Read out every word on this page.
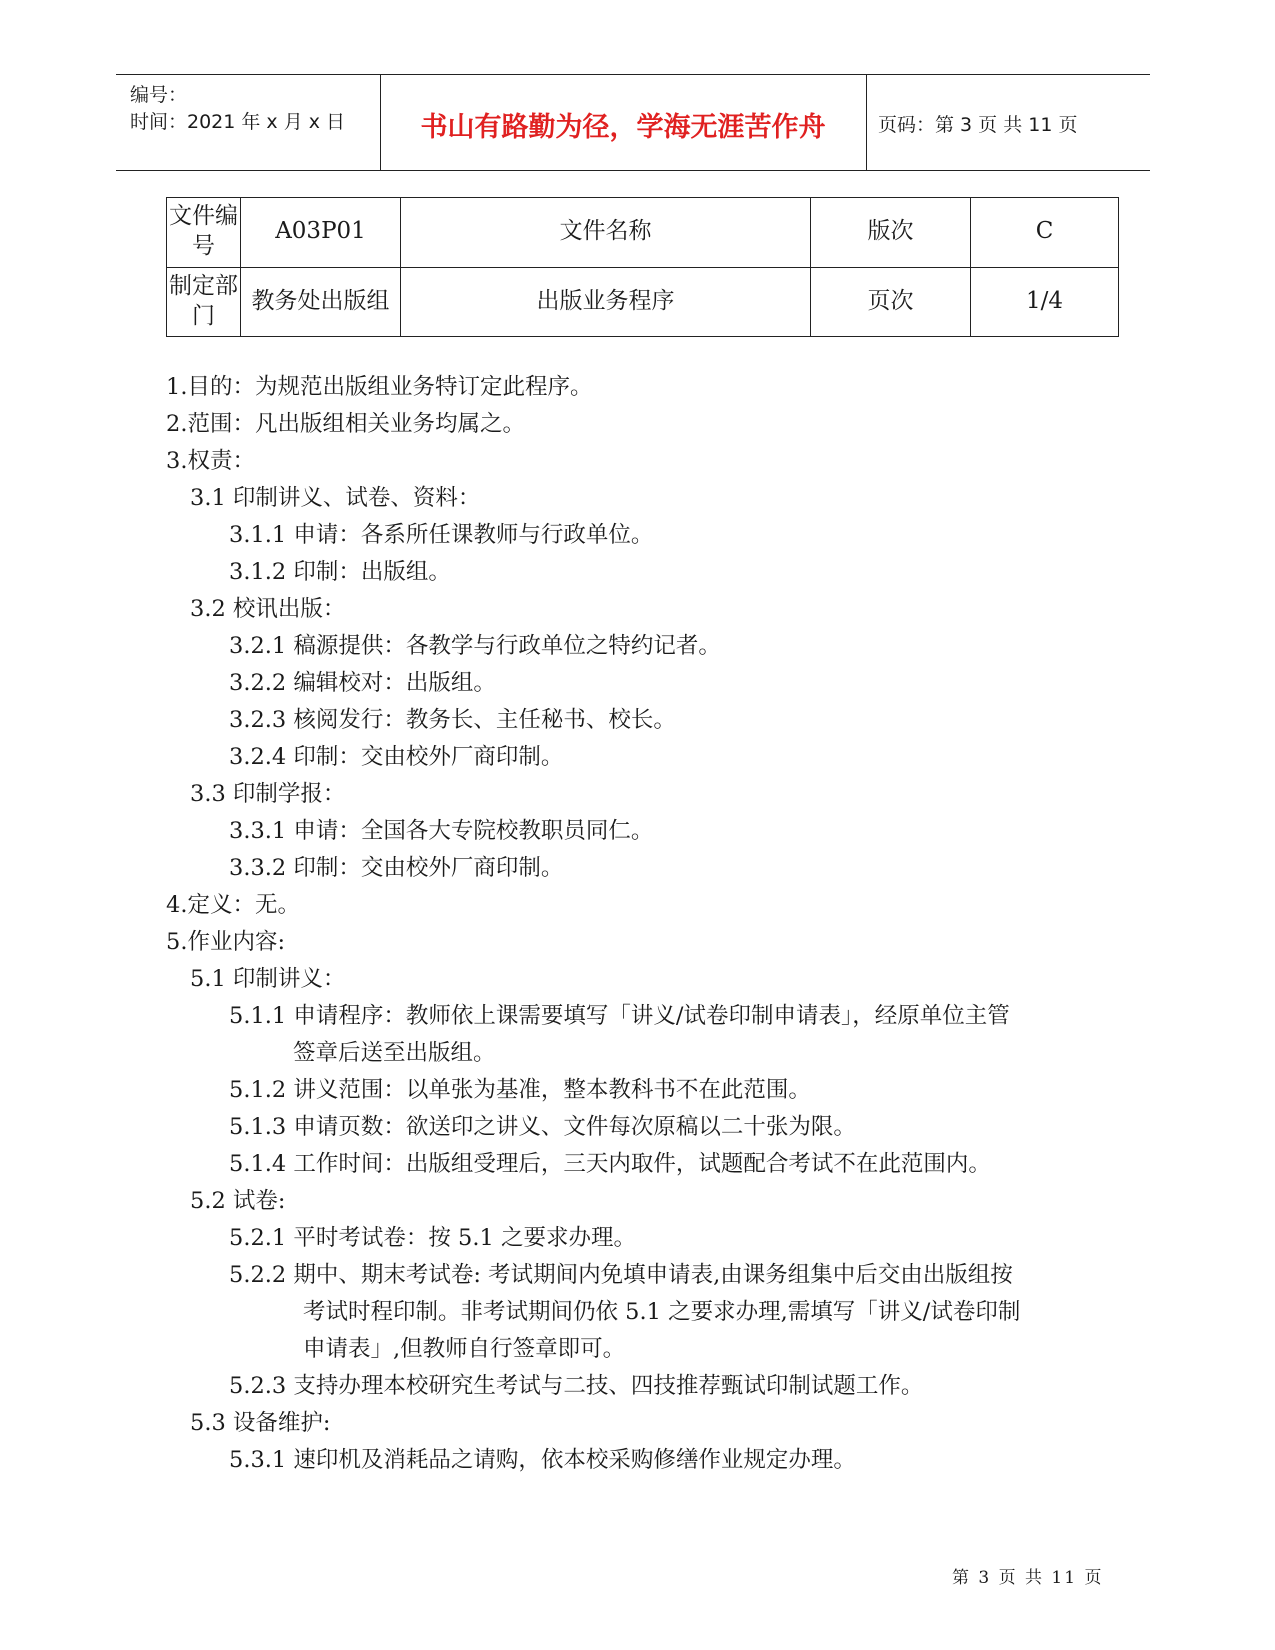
编号：
时间：2021 年 x 月 x 日	书山有路勤为径，学海无涯苦作舟	页码：第 3 页 共 11 页
文件编号	A03P01	文件名称	版次	C
制定部门	教务处出版组	出版业务程序	页次	1/4
1.目的：为规范出版组业务特订定此程序。
2.范围：凡出版组相关业务均属之。
3.权责：
3.1 印制讲义、试卷、资料：
3.1.1 申请：各系所任课教师与行政单位。
3.1.2 印制：出版组。
3.2 校讯出版：
3.2.1 稿源提供：各教学与行政单位之特约记者。
3.2.2 编辑校对：出版组。
3.2.3 核阅发行：教务长、主任秘书、校长。
3.2.4 印制：交由校外厂商印制。
3.3 印制学报：
3.3.1 申请：全国各大专院校教职员同仁。
3.3.2 印制：交由校外厂商印制。
4.定义：无。
5.作业内容:
5.1 印制讲义：
5.1.1 申请程序：教师依上课需要填写「讲义/试卷印制申请表」，经原单位主管
签章后送至出版组。
5.1.2 讲义范围：以单张为基准，整本教科书不在此范围。
5.1.3 申请页数：欲送印之讲义、文件每次原稿以二十张为限。
5.1.4 工作时间：出版组受理后，三天内取件，试题配合考试不在此范围内。
5.2 试卷:
5.2.1 平时考试卷：按 5.1 之要求办理。
5.2.2 期中、期末考试卷: 考试期间内免填申请表,由课务组集中后交由出版组按
考试时程印制。非考试期间仍依 5.1 之要求办理,需填写「讲义/试卷印制
申请表」,但教师自行签章即可。
5.2.3 支持办理本校研究生考试与二技、四技推荐甄试印制试题工作。
5.3 设备维护:
5.3.1 速印机及消耗品之请购，依本校采购修缮作业规定办理。
第 3 页 共 11 页
